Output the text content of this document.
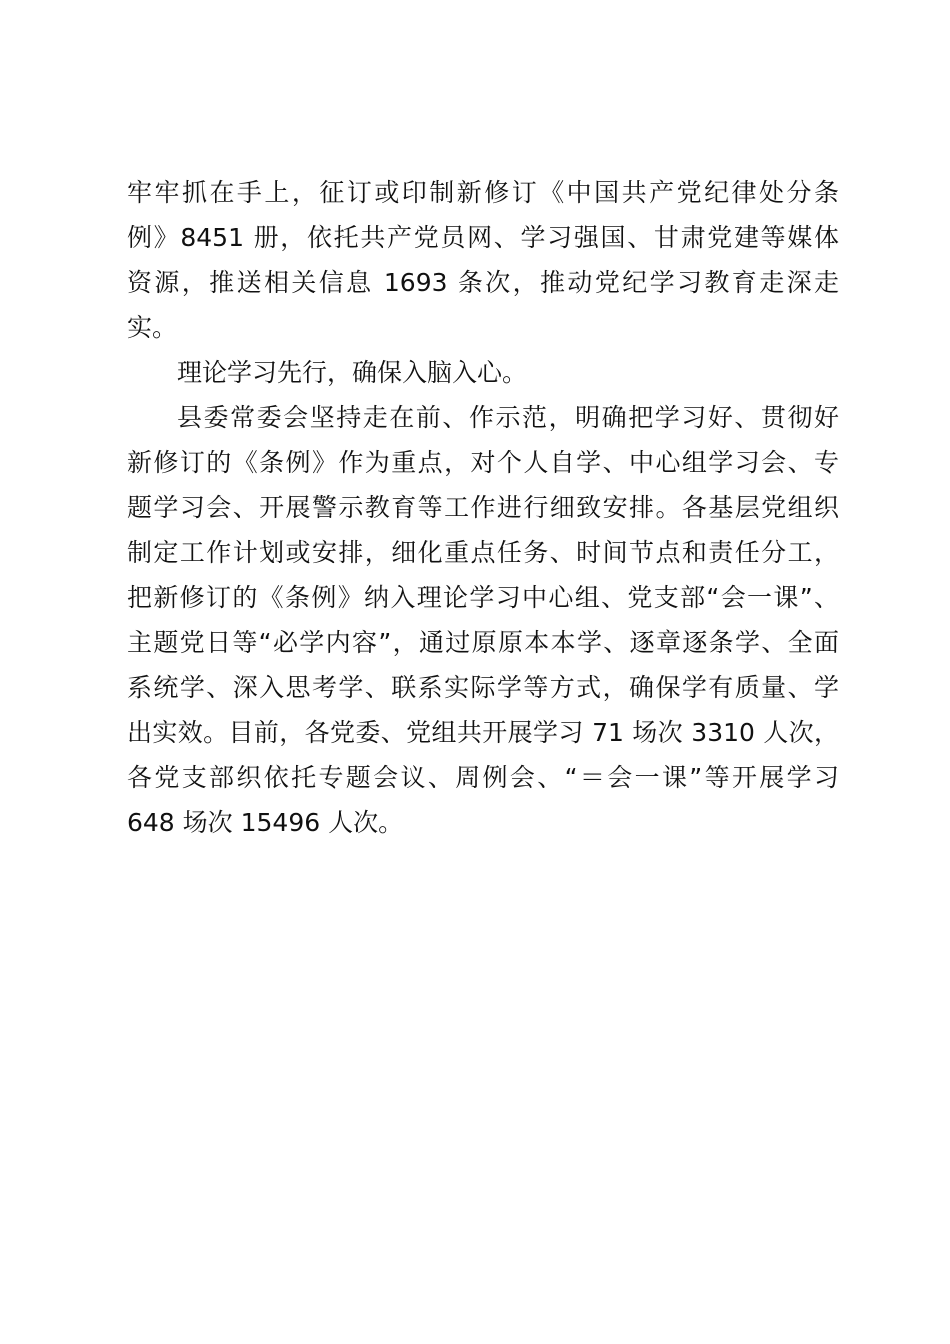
牢牢抓在手上，征订或印制新修订《中国共产党纪律处分条
例》8451 册，依托共产党员网、学习强国、甘肃党建等媒体
资源，推送相关信息 1693 条次，推动党纪学习教育走深走
实。
理论学习先行，确保入脑入心。
县委常委会坚持走在前、作示范，明确把学习好、贯彻好
新修订的《条例》作为重点，对个人自学、中心组学习会、专
题学习会、开展警示教育等工作进行细致安排。各基层党组织
制定工作计划或安排，细化重点任务、时间节点和责任分工，
把新修订的《条例》纳入理论学习中心组、党支部“会一课”、
主题党日等“必学内容”，通过原原本本学、逐章逐条学、全面
系统学、深入思考学、联系实际学等方式，确保学有质量、学
出实效。目前，各党委、党组共开展学习 71 场次 3310 人次，
各党支部织依托专题会议、周例会、“＝会一课”等开展学习
648 场次 15496 人次。
